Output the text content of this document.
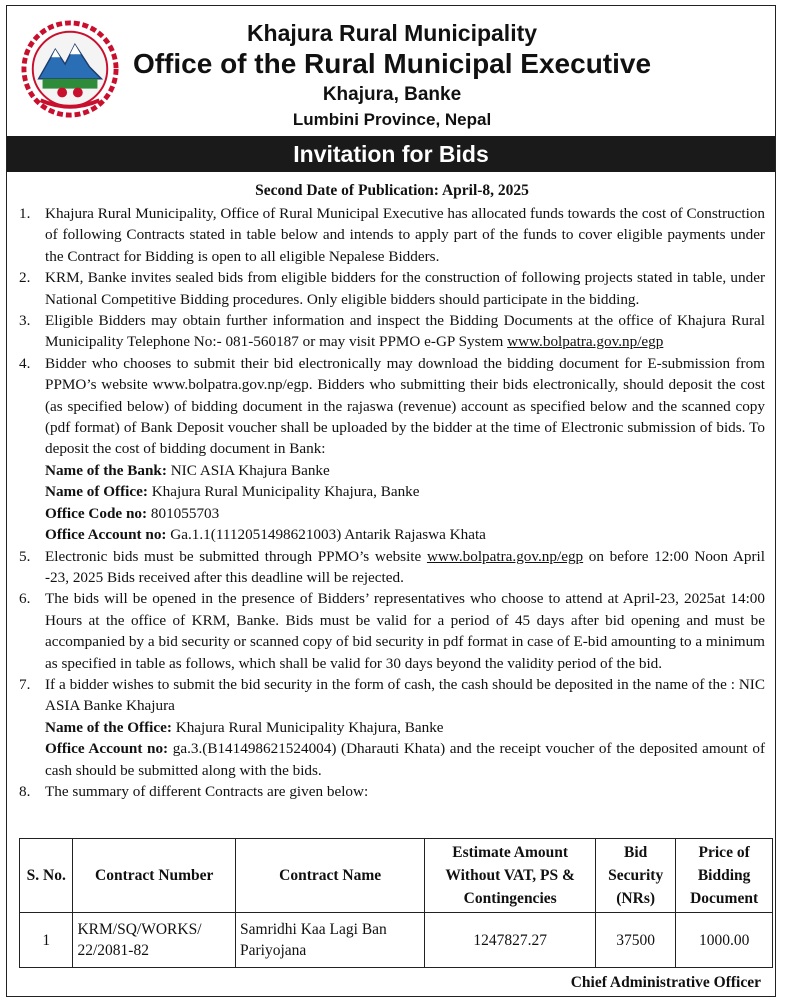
Khajura Rural Municipality
Office of the Rural Municipal Executive
Khajura, Banke
Lumbini Province, Nepal
Invitation for Bids
Second Date of Publication: April-8, 2025
1. Khajura Rural Municipality, Office of Rural Municipal Executive has allocated funds towards the cost of Construction of following Contracts stated in table below and intends to apply part of the funds to cover eligible payments under the Contract for Bidding is open to all eligible Nepalese Bidders.
2. KRM, Banke invites sealed bids from eligible bidders for the construction of following projects stated in table, under National Competitive Bidding procedures. Only eligible bidders should participate in the bidding.
3. Eligible Bidders may obtain further information and inspect the Bidding Documents at the office of Khajura Rural Municipality Telephone No:- 081-560187 or may visit PPMO e-GP System www.bolpatra.gov.np/egp
4. Bidder who chooses to submit their bid electronically may download the bidding document for E-submission from PPMO’s website www.bolpatra.gov.np/egp. Bidders who submitting their bids electronically, should deposit the cost (as specified below) of bidding document in the rajaswa (revenue) account as specified below and the scanned copy (pdf format) of Bank Deposit voucher shall be uploaded by the bidder at the time of Electronic submission of bids. To deposit the cost of bidding document in Bank:
Name of the Bank: NIC ASIA Khajura Banke
Name of Office: Khajura Rural Municipality Khajura, Banke
Office Code no: 801055703
Office Account no: Ga.1.1(1112051498621003) Antarik Rajaswa Khata
5. Electronic bids must be submitted through PPMO’s website www.bolpatra.gov.np/egp on before 12:00 Noon April -23, 2025 Bids received after this deadline will be rejected.
6. The bids will be opened in the presence of Bidders’ representatives who choose to attend at April-23, 2025at 14:00 Hours at the office of KRM, Banke. Bids must be valid for a period of 45 days after bid opening and must be accompanied by a bid security or scanned copy of bid security in pdf format in case of E-bid amounting to a minimum as specified in table as follows, which shall be valid for 30 days beyond the validity period of the bid.
7. If a bidder wishes to submit the bid security in the form of cash, the cash should be deposited in the name of the : NIC ASIA Banke Khajura
Name of the Office: Khajura Rural Municipality Khajura, Banke
Office Account no: ga.3.(B141498621524004) (Dharauti Khata) and the receipt voucher of the deposited amount of cash should be submitted along with the bids.
8. The summary of different Contracts are given below:
S. No.	Contract Number	Contract Name	Estimate Amount Without VAT, PS & Contingencies	Bid Security (NRs)	Price of Bidding Document
1	KRM/SQ/WORKS/ 22/2081-82	Samridhi Kaa Lagi Ban Pariyojana	1247827.27	37500	1000.00
Chief Administrative Officer
